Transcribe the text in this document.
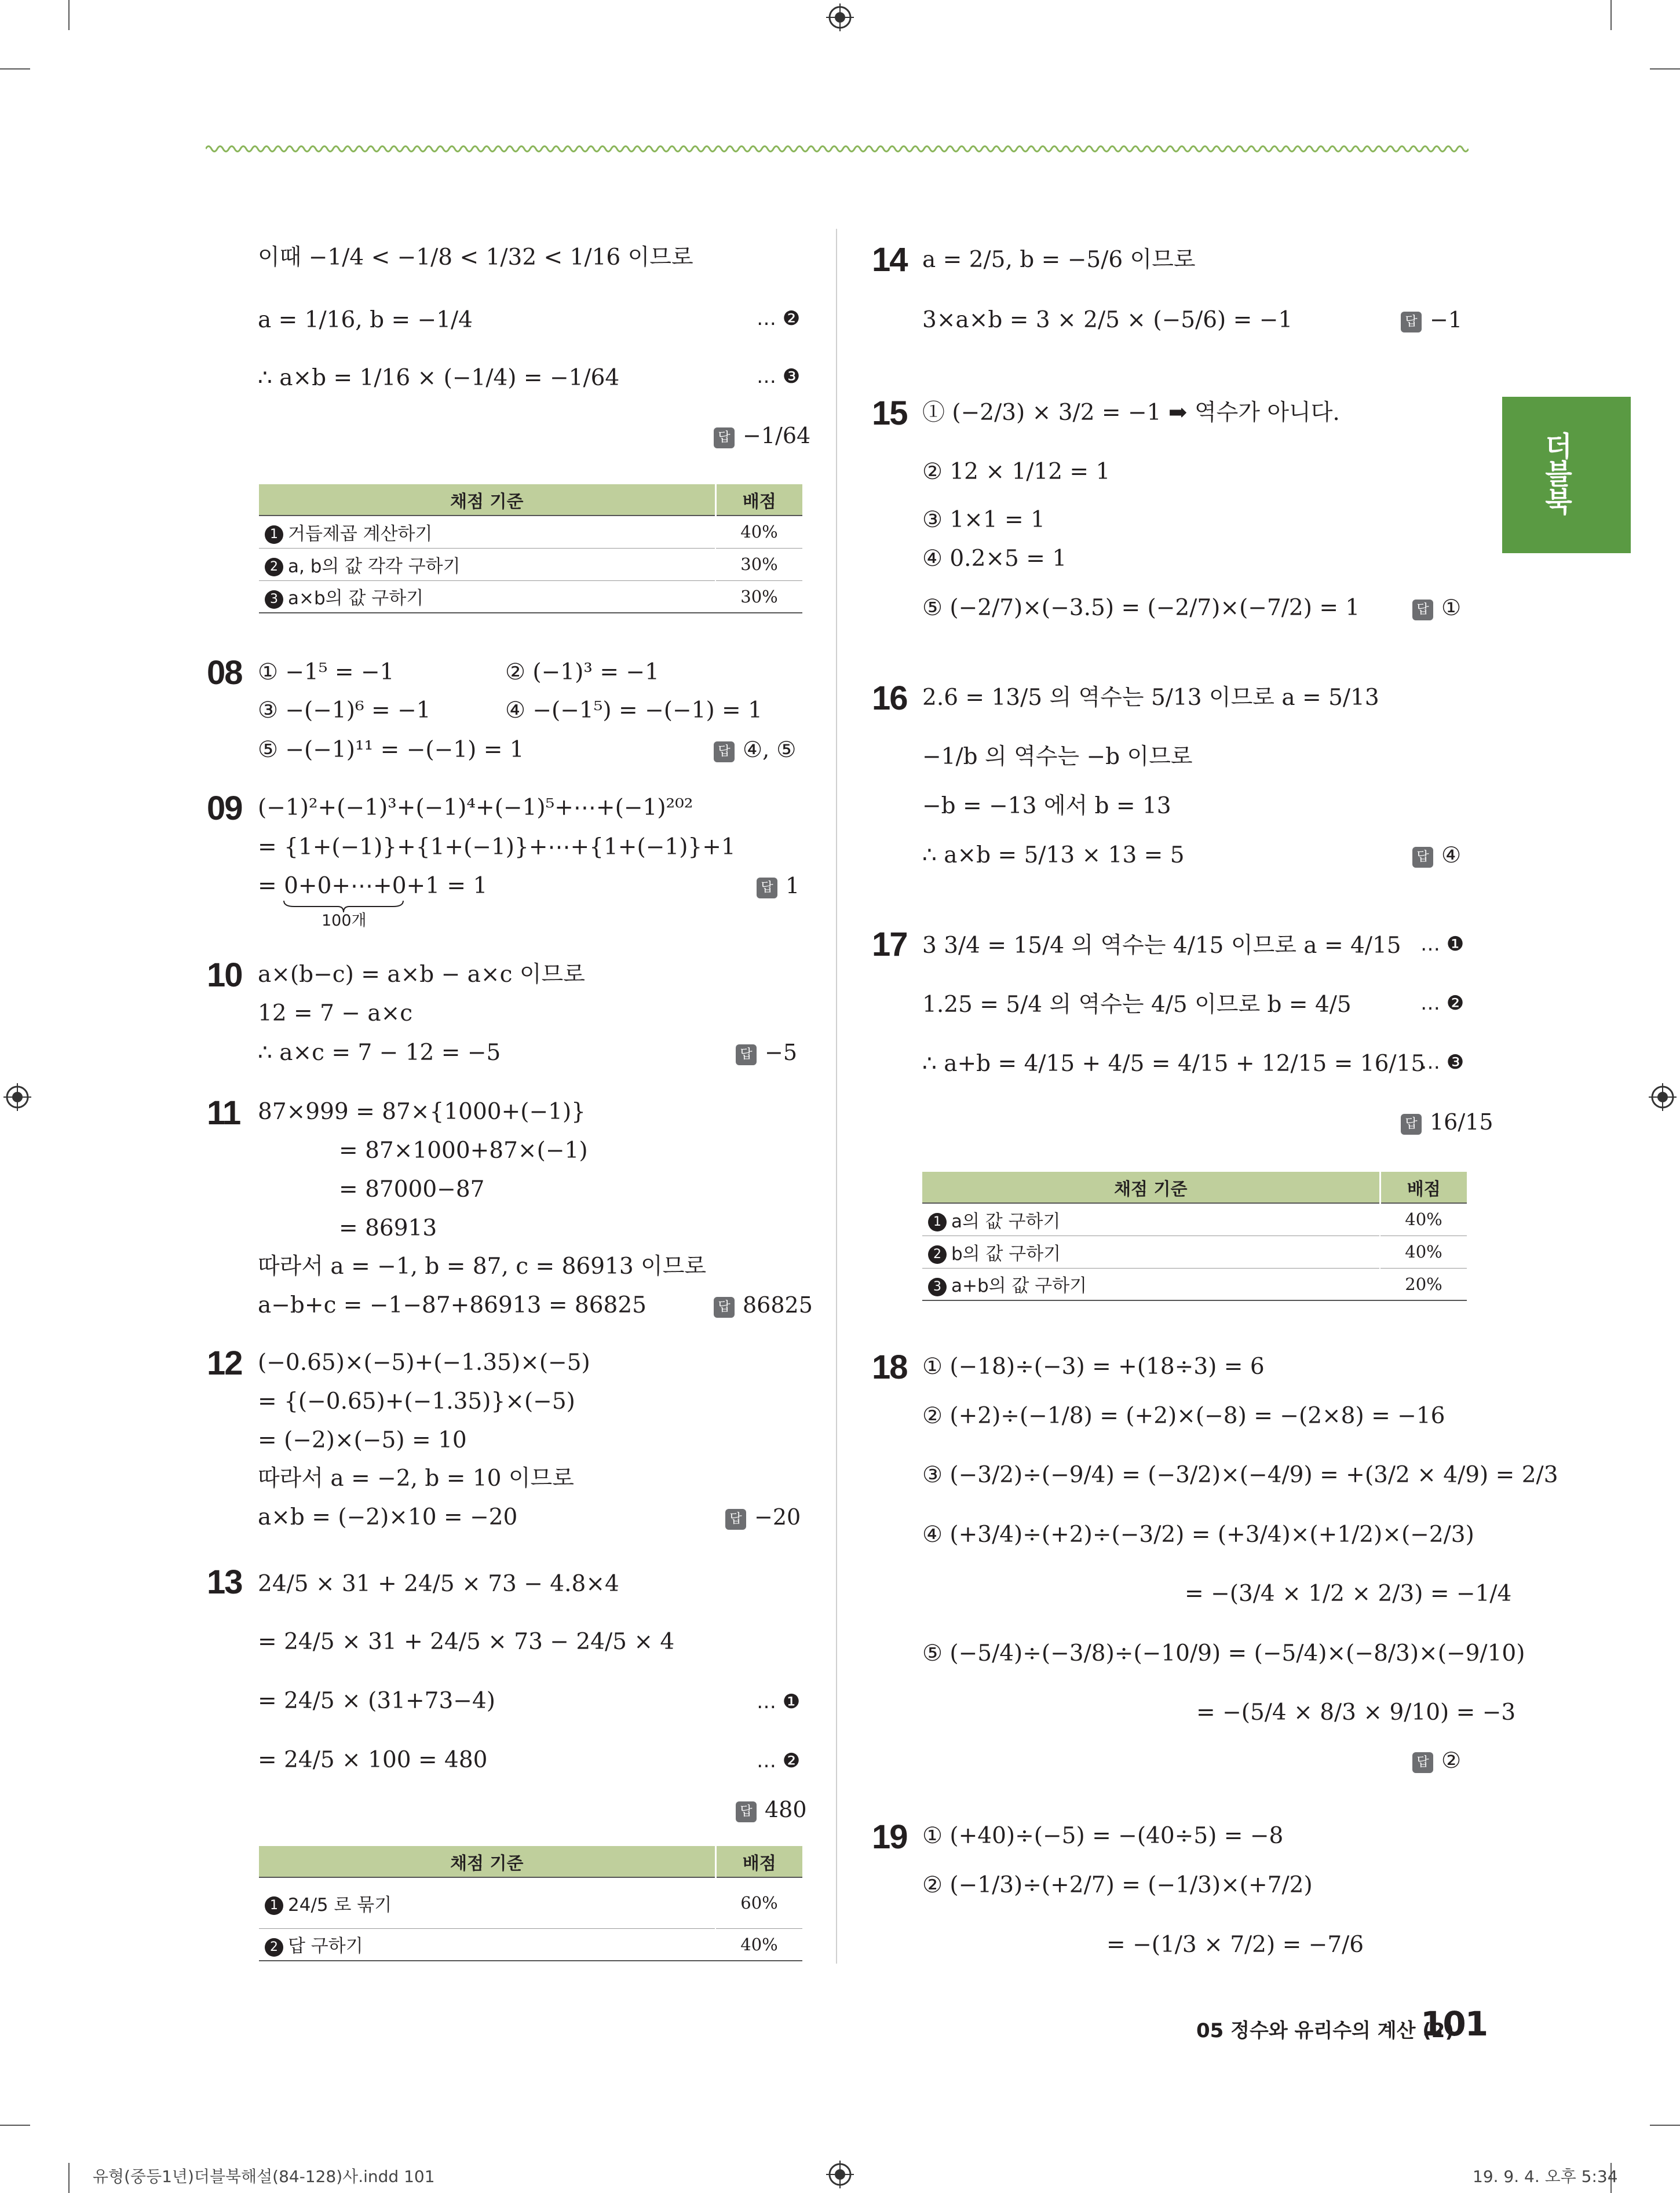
더블북
이때 −1/4 < −1/8 < 1/32 < 1/16 이므로
a = 1/16, b = −1/4	… ❷
∴ a×b = 1/16 × (−1/4) = −1/64	… ❸
답 −1/64
채점 기준	배점
1 거듭제곱 계산하기	40%
2 a, b의 값 각각 구하기	30%
3 a×b의 값 구하기	30%
08 ① −1⁵ = −1	② (−1)³ = −1
③ −(−1)⁶ = −1	④ −(−1⁵) = −(−1) = 1
⑤ −(−1)¹¹ = −(−1) = 1	답 ④, ⑤
09 (−1)²+(−1)³+(−1)⁴+(−1)⁵+⋯+(−1)²⁰²
= {1+(−1)}+{1+(−1)}+⋯+{1+(−1)}+1
= 0+0+⋯+0+1 = 1
100개
답 1
10 a×(b−c) = a×b − a×c 이므로
12 = 7 − a×c
∴ a×c = 7 − 12 = −5	답 −5
11 87×999 = 87×{1000+(−1)}
= 87×1000+87×(−1)
= 87000−87
= 86913
따라서 a = −1, b = 87, c = 86913 이므로
a−b+c = −1−87+86913 = 86825	답 86825
12 (−0.65)×(−5)+(−1.35)×(−5)
= {(−0.65)+(−1.35)}×(−5)
= (−2)×(−5) = 10
따라서 a = −2, b = 10 이므로
a×b = (−2)×10 = −20	답 −20
13 24/5 × 31 + 24/5 × 73 − 4.8×4
= 24/5 × 31 + 24/5 × 73 − 24/5 × 4
= 24/5 × (31+73−4)	… ❶
= 24/5 × 100 = 480	… ❷
답 480
채점 기준	배점
1 24/5 로 묶기	60%
2 답 구하기	40%
14 a = 2/5, b = −5/6 이므로
3×a×b = 3 × 2/5 × (−5/6) = −1	답 −1
15 ① (−2/3) × 3/2 = −1 ➡ 역수가 아니다.
② 12 × 1/12 = 1
③ 1×1 = 1
④ 0.2×5 = 1
⑤ (−2/7)×(−3.5) = (−2/7)×(−7/2) = 1	답 ①
16 2.6 = 13/5 의 역수는 5/13 이므로 a = 5/13
−1/b 의 역수는 −b 이므로
−b = −13 에서 b = 13
∴ a×b = 5/13 × 13 = 5	답 ④
17 3 3/4 = 15/4 의 역수는 4/15 이므로 a = 4/15 … ❶
1.25 = 5/4 의 역수는 4/5 이므로 b = 4/5	… ❷
∴ a+b = 4/15 + 4/5 = 4/15 + 12/15 = 16/15
… ❸
답 16/15
채점 기준	배점
1 a의 값 구하기	40%
2 b의 값 구하기	40%
3 a+b의 값 구하기	20%
18 ① (−18)÷(−3) = +(18÷3) = 6
② (+2)÷(−1/8) = (+2)×(−8) = −(2×8) = −16
③ (−3/2)÷(−9/4) = (−3/2)×(−4/9) = +(3/2 × 4/9) = 2/3
④ (+3/4)÷(+2)÷(−3/2) = (+3/4)×(+1/2)×(−2/3)
= −(3/4 × 1/2 × 2/3) = −1/4
⑤ (−5/4)÷(−3/8)÷(−10/9) = (−5/4)×(−8/3)×(−9/10)
= −(5/4 × 8/3 × 9/10) = −3
답 ②
19 ① (+40)÷(−5) = −(40÷5) = −8
② (−1/3)÷(+2/7) = (−1/3)×(+7/2)
= −(1/3 × 7/2) = −7/6
05 정수와 유리수의 계산 (2)
101
유형(중등1년)더블북해설(84-128)사.indd 101	19. 9. 4. 오후 5:34
